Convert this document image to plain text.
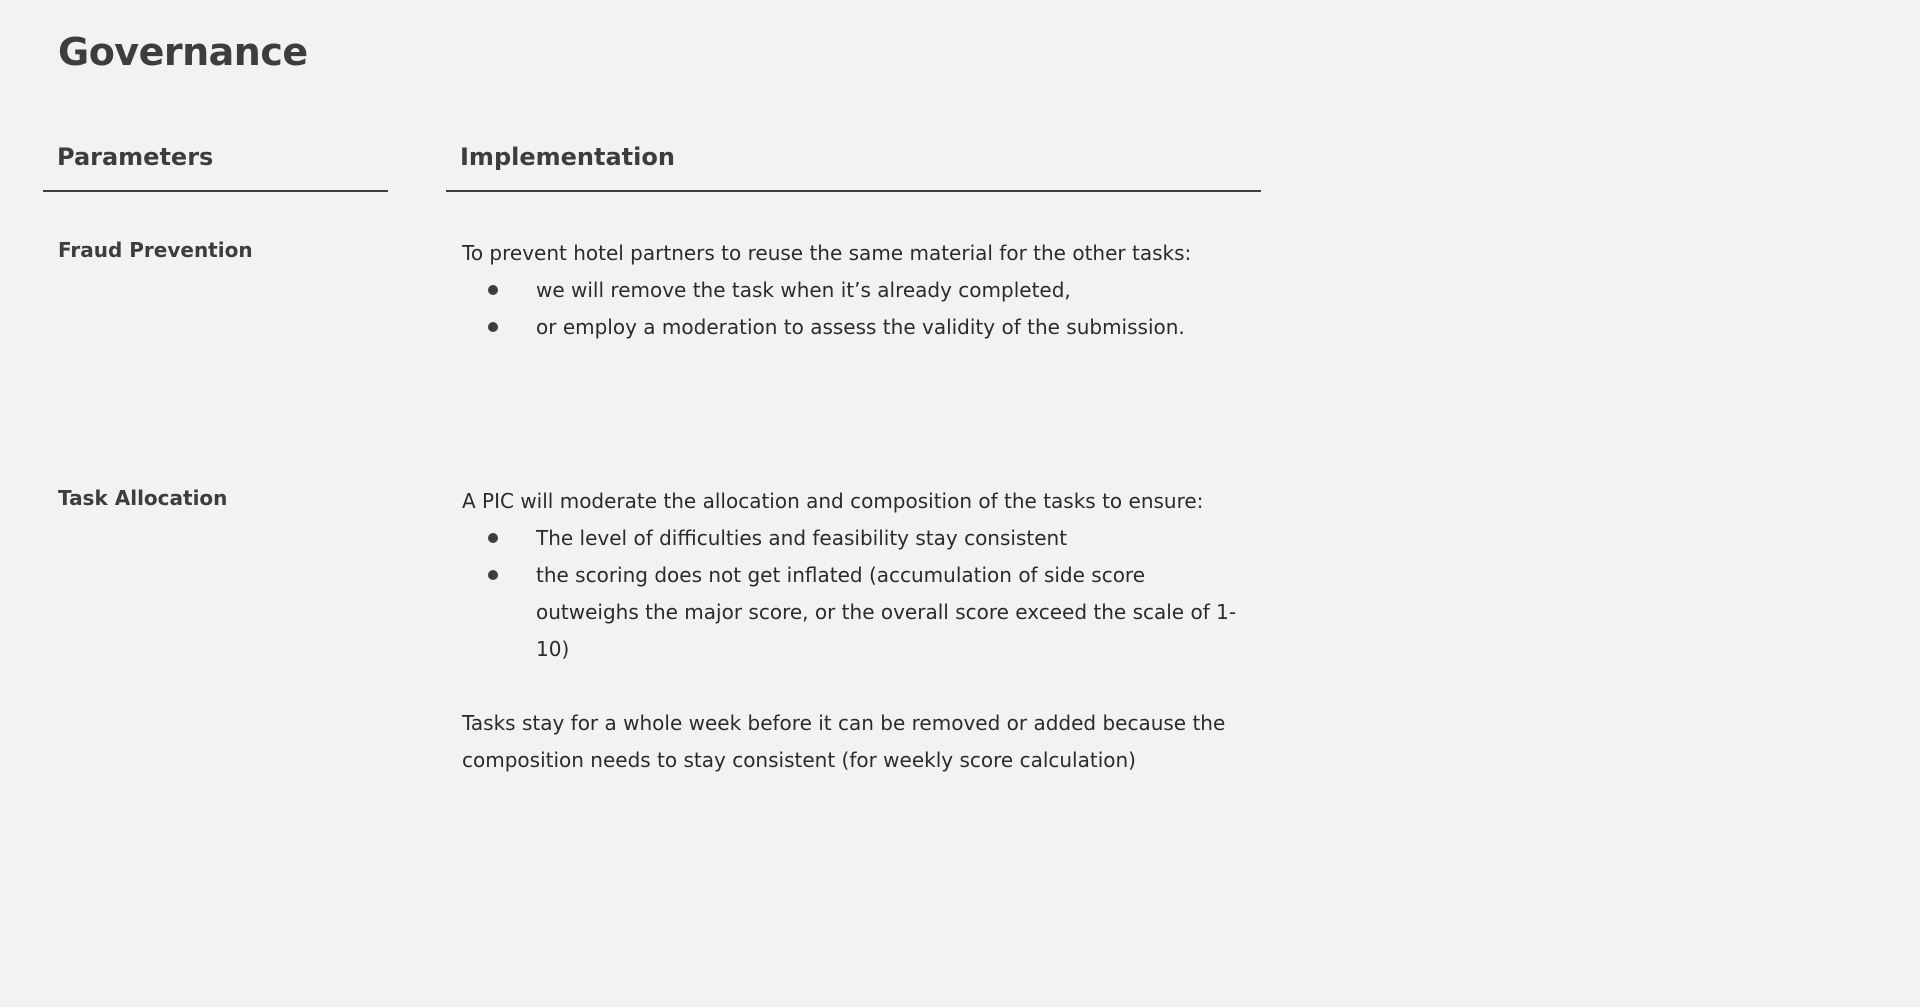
Governance
Parameters	Implementation
Fraud Prevention	To prevent hotel partners to reuse the same material for the other tasks:

we will remove the task when it’s already completed,
or employ a moderation to assess the validity of the submission.
Task Allocation	A PIC will moderate the allocation and composition of the tasks to ensure:

The level of difficulties and feasibility stay consistent
the scoring does not get inflated (accumulation of side score outweighs the major score, or the overall score exceed the scale of 1-10)

Tasks stay for a whole week before it can be removed or added because the composition needs to stay consistent (for weekly score calculation)
